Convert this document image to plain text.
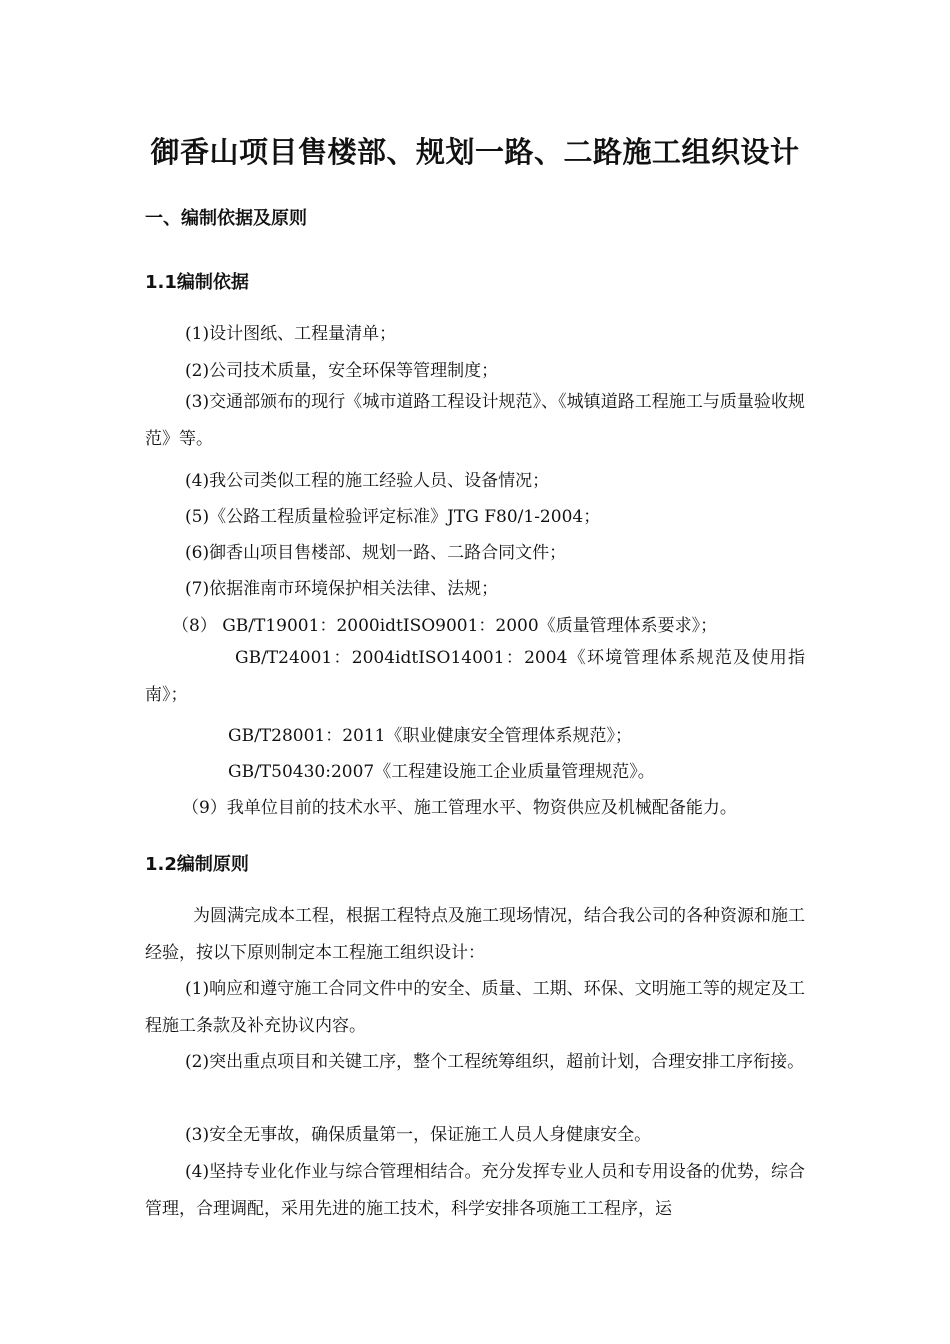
御香山项目售楼部、规划一路、二路施工组织设计
一、编制依据及原则
1.1编制依据
(1)设计图纸、工程量清单；
(2)公司技术质量，安全环保等管理制度；
(3)交通部颁布的现行《城市道路工程设计规范》、《城镇道路工程施工与质量验收规范》等。
(4)我公司类似工程的施工经验人员、设备情况；
(5)《公路工程质量检验评定标准》JTG F80/1-2004；
(6)御香山项目售楼部、规划一路、二路合同文件；
(7)依据淮南市环境保护相关法律、法规；
（8） GB/T19001：2000idtISO9001：2000《质量管理体系要求》；
GB/T24001：2004idtISO14001：2004《环境管理体系规范及使用指南》；
GB/T28001：2011《职业健康安全管理体系规范》；
GB/T50430:2007《工程建设施工企业质量管理规范》。
（9）我单位目前的技术水平、施工管理水平、物资供应及机械配备能力。
1.2编制原则
为圆满完成本工程，根据工程特点及施工现场情况，结合我公司的各种资源和施工经验，按以下原则制定本工程施工组织设计：
(1)响应和遵守施工合同文件中的安全、质量、工期、环保、文明施工等的规定及工程施工条款及补充协议内容。
(2)突出重点项目和关键工序，整个工程统筹组织，超前计划，合理安排工序衔接。
(3)安全无事故，确保质量第一，保证施工人员人身健康安全。
(4)坚持专业化作业与综合管理相结合。充分发挥专业人员和专用设备的优势，综合管理，合理调配，采用先进的施工技术，科学安排各项施工工程序，运
